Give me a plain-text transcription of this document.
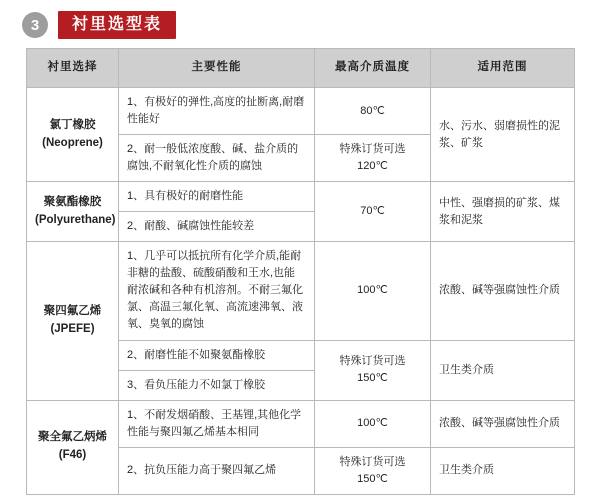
3	衬里选型表
衬里选择	主要性能	最高介质温度	适用范围

氯丁橡胶
(Neoprene)	1、有极好的弹性,高度的扯断离,耐磨性能好	80℃	水、污水、弱磨损性的泥浆、矿浆
	2、耐一般低浓度酸、碱、盐介质的腐蚀,不耐氧化性介质的腐蚀	特殊订货可选
120℃	

聚氨酯橡胶
(Polyurethane)	1、具有极好的耐磨性能	70℃	中性、强磨损的矿浆、煤浆和泥浆
	2、耐酸、碱腐蚀性能较差		

聚四氟乙烯
(JPEFE)	1、几乎可以抵抗所有化学介质,能耐非糖的盐酸、硫酸硝酸和王水,也能耐浓碱和各种有机溶剂。不耐三氟化氯、高温三氟化氧、高流速沸氧、液氧、臭氧的腐蚀	100℃	浓酸、碱等强腐蚀性介质
	2、耐磨性能不如聚氨酯橡胶	特殊订货可选
150℃	卫生类介质
	3、看负压能力不如氯丁橡胶		

聚全氟乙炳烯
(F46)	1、不耐发烟硝酸、王基锂,其他化学性能与聚四氟乙烯基本相同	100℃	浓酸、碱等强腐蚀性介质
	2、抗负压能力高于聚四氟乙烯	特殊订货可选
150℃	卫生类介质
